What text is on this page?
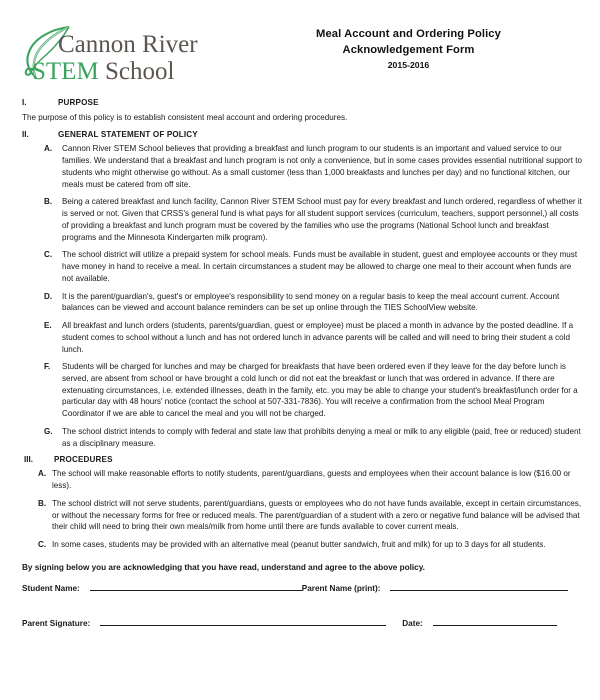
Cannon River
STEM School
Meal Account and Ordering Policy
Acknowledgement Form
2015-2016
I.	PURPOSE
The purpose of this policy is to establish consistent meal account and ordering procedures.
II.	GENERAL STATEMENT OF POLICY
A.	Cannon River STEM School believes that providing a breakfast and lunch program to our students is an important and valued service to our families. We understand that a breakfast and lunch program is not only a convenience, but in some cases provides essential nutritional support to students who might otherwise go without. As a small customer (less than 1,000 breakfasts and lunches per day) and no functional kitchen, our meals must be catered from off site.
B.	Being a catered breakfast and lunch facility, Cannon River STEM School must pay for every breakfast and lunch ordered, regardless of whether it is served or not. Given that CRSS's general fund is what pays for all student support services (curriculum, teachers, support personnel,) all costs of providing a breakfast and lunch program must be covered by the families who use the programs (National School lunch and breakfast programs and the Minnesota Kindergarten milk program).
C.	The school district will utilize a prepaid system for school meals. Funds must be available in student, guest and employee accounts or they must have money in hand to receive a meal. In certain circumstances a student may be allowed to charge one meal to their account when funds are not available.
D.	It is the parent/guardian's, guest's or employee's responsibility to send money on a regular basis to keep the meal account current. Account balances can be viewed and account balance reminders can be set up online through the TIES SchoolView website.
E.	All breakfast and lunch orders (students, parents/guardian, guest or employee) must be placed a month in advance by the posted deadline. If a student comes to school without a lunch and has not ordered lunch in advance parents will be called and will need to bring their student a cold lunch.
F.	Students will be charged for lunches and may be charged for breakfasts that have been ordered even if they leave for the day before lunch is served, are absent from school or have brought a cold lunch or did not eat the breakfast or lunch that was ordered in advance. If there are extenuating circumstances, i.e. extended illnesses, death in the family, etc. you may be able to change your student's breakfast/lunch order for a particular day with 48 hours' notice (contact the school at 507-331-7836). You will receive a confirmation from the school Meal Program Coordinator if we are able to cancel the meal and you will not be charged.
G.	The school district intends to comply with federal and state law that prohibits denying a meal or milk to any eligible (paid, free or reduced) student as a disciplinary measure.
III.	PROCEDURES
A. The school will make reasonable efforts to notify students, parent/guardians, guests and employees when their account balance is low ($16.00 or less).
B. The school district will not serve students, parent/guardians, guests or employees who do not have funds available, except in certain circumstances, or without the necessary forms for free or reduced meals. The parent/guardian of a student with a zero or negative fund balance will be advised that their child will need to bring their own meals/milk from home until there are funds available to cover current meals.
C. In some cases, students may be provided with an alternative meal (peanut butter sandwich, fruit and milk) for up to 3 days for all students.
By signing below you are acknowledging that you have read, understand and agree to the above policy.
Student Name:	Parent Name (print):
Parent Signature:	Date:
